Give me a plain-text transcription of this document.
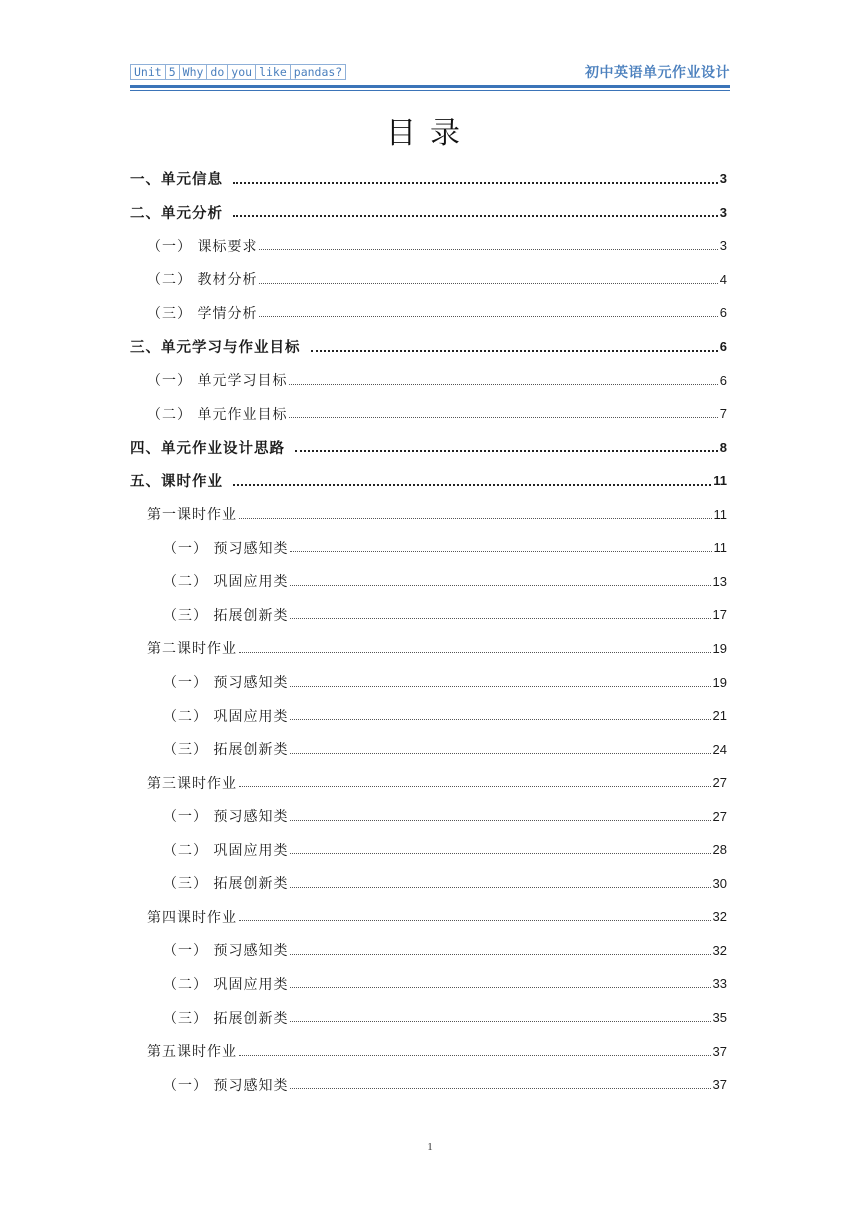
Unit 5 Why do you like pandas?	初中英语单元作业设计
目录
一、单元信息	3
二、单元分析	3
（一） 课标要求	3
（二） 教材分析	4
（三） 学情分析	6
三、单元学习与作业目标	6
（一） 单元学习目标	6
（二） 单元作业目标	7
四、单元作业设计思路	8
五、课时作业	11
第一课时作业	11
（一） 预习感知类	11
（二） 巩固应用类	13
（三） 拓展创新类	17
第二课时作业	19
（一） 预习感知类	19
（二） 巩固应用类	21
（三） 拓展创新类	24
第三课时作业	27
（一） 预习感知类	27
（二） 巩固应用类	28
（三） 拓展创新类	30
第四课时作业	32
（一） 预习感知类	32
（二） 巩固应用类	33
（三） 拓展创新类	35
第五课时作业	37
（一） 预习感知类	37
1
